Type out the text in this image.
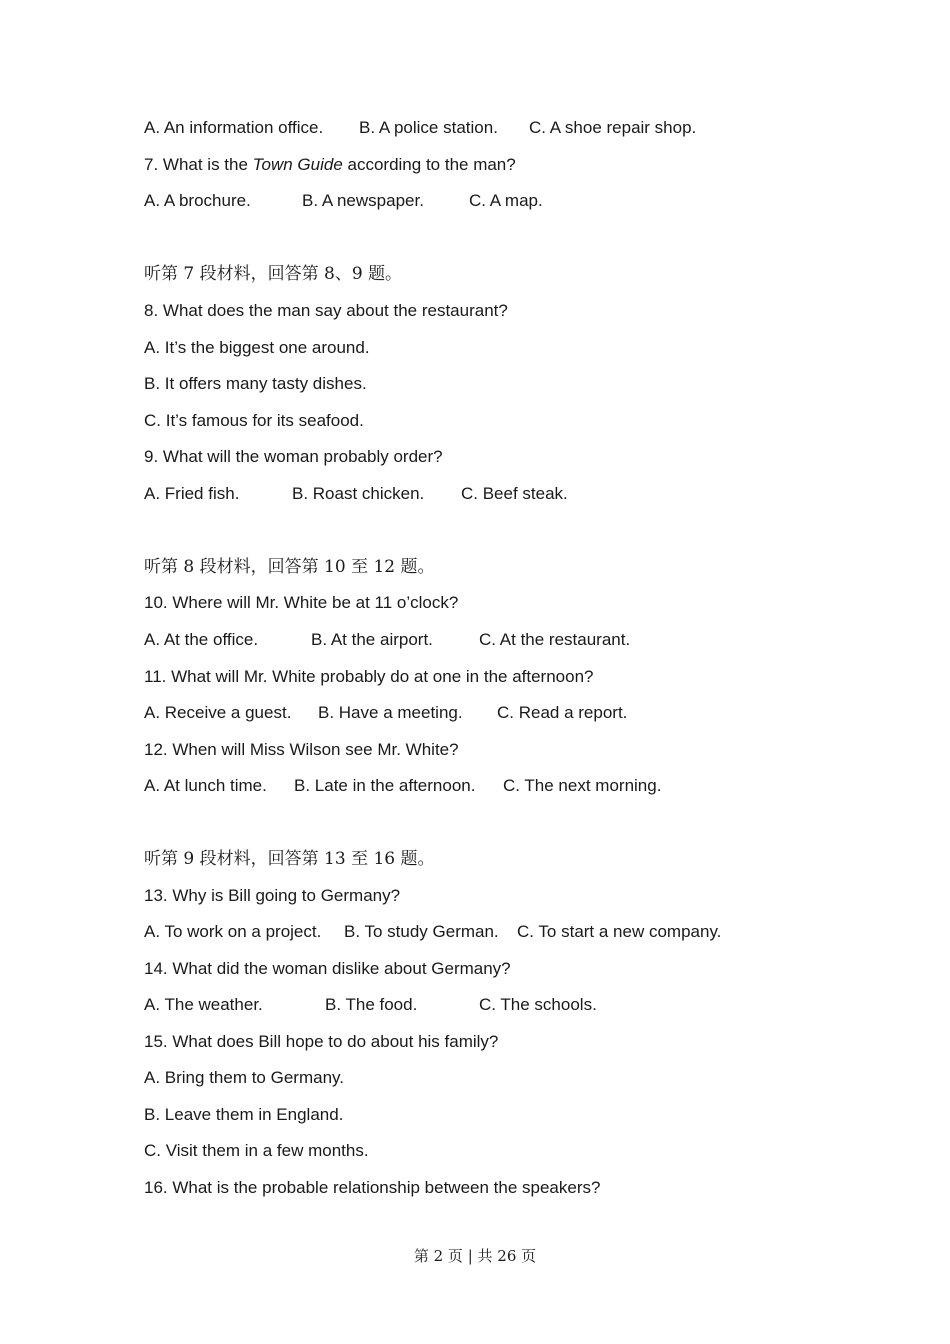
A. An information office. B. A police station. C. A shoe repair shop.
7. What is the Town Guide according to the man?
A. A brochure.	B. A newspaper.	C. A map.
听第 7 段材料，回答第 8、9 题。
8. What does the man say about the restaurant?
A. It’s the biggest one around.
B. It offers many tasty dishes.
C. It’s famous for its seafood.
9. What will the woman probably order?
A. Fried fish.	B. Roast chicken. C. Beef steak.
听第 8 段材料，回答第 10 至 12 题。
10. Where will Mr. White be at 11 o’clock?
A. At the office.	B. At the airport.	C. At the restaurant.
11. What will Mr. White probably do at one in the afternoon?
A. Receive a guest. B. Have a meeting. C. Read a report.
12. When will Miss Wilson see Mr. White?
A. At lunch time. B. Late in the afternoon. C. The next morning.
听第 9 段材料，回答第 13 至 16 题。
13. Why is Bill going to Germany?
A. To work on a project. B. To study German. C. To start a new company.
14. What did the woman dislike about Germany?
A. The weather.	B. The food.	C. The schools.
15. What does Bill hope to do about his family?
A. Bring them to Germany.
B. Leave them in England.
C. Visit them in a few months.
16. What is the probable relationship between the speakers?
第 2 页 | 共 26 页
